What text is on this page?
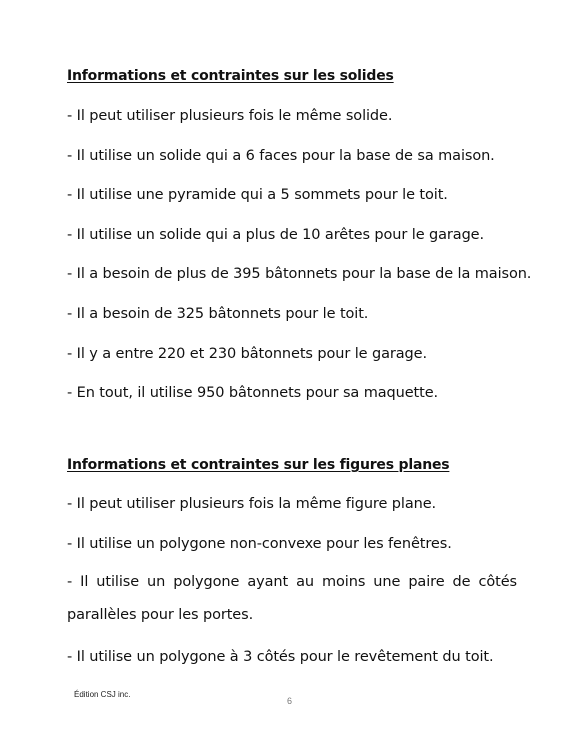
Informations et contraintes sur les solides
- Il peut utiliser plusieurs fois le même solide.
- Il utilise un solide qui a 6 faces pour la base de sa maison.
- Il utilise une pyramide qui a 5 sommets pour le toit.
- Il utilise un solide qui a plus de 10 arêtes pour le garage.
- Il a besoin de plus de 395 bâtonnets pour la base de la maison.
- Il a besoin de 325 bâtonnets pour le toit.
- Il y a entre 220 et 230 bâtonnets pour le garage.
- En tout, il utilise 950 bâtonnets pour sa maquette.
Informations et contraintes sur les figures planes
- Il peut utiliser plusieurs fois la même figure plane.
- Il utilise un polygone non-convexe pour les fenêtres.
- Il utilise un polygone ayant au moins une paire de côtés
parallèles pour les portes.
- Il utilise un polygone à 3 côtés pour le revêtement du toit.
Édition CSJ inc.
6
